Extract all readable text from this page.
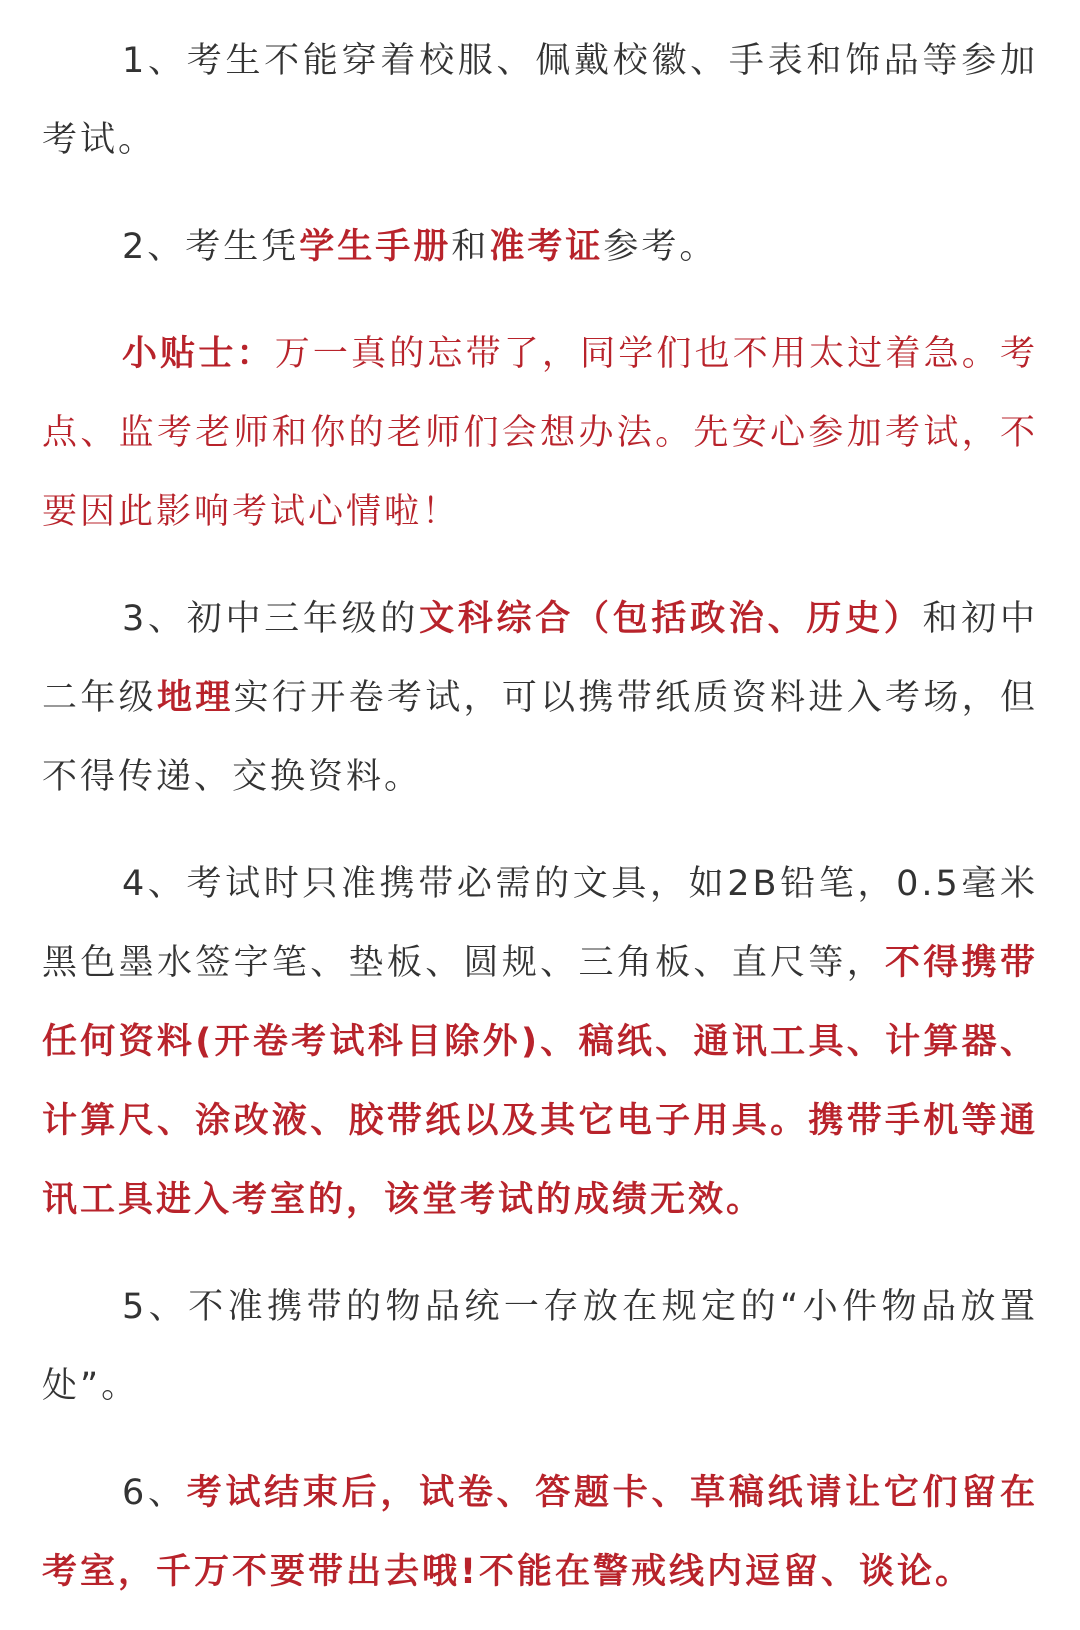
1、考生不能穿着校服、佩戴校徽、手表和饰品等参加考试。

2、考生凭学生手册和准考证参考。

小贴士：万一真的忘带了，同学们也不用太过着急。考点、监考老师和你的老师们会想办法。先安心参加考试，不要因此影响考试心情啦！

3、初中三年级的文科综合（包括政治、历史）和初中二年级地理实行开卷考试，可以携带纸质资料进入考场，但不得传递、交换资料。

4、考试时只准携带必需的文具，如2B铅笔，0.5毫米黑色墨水签字笔、垫板、圆规、三角板、直尺等，不得携带任何资料(开卷考试科目除外)、稿纸、通讯工具、计算器、计算尺、涂改液、胶带纸以及其它电子用具。携带手机等通讯工具进入考室的，该堂考试的成绩无效。

5、不准携带的物品统一存放在规定的“小件物品放置处”。

6、考试结束后，试卷、答题卡、草稿纸请让它们留在考室，千万不要带出去哦!不能在警戒线内逗留、谈论。
